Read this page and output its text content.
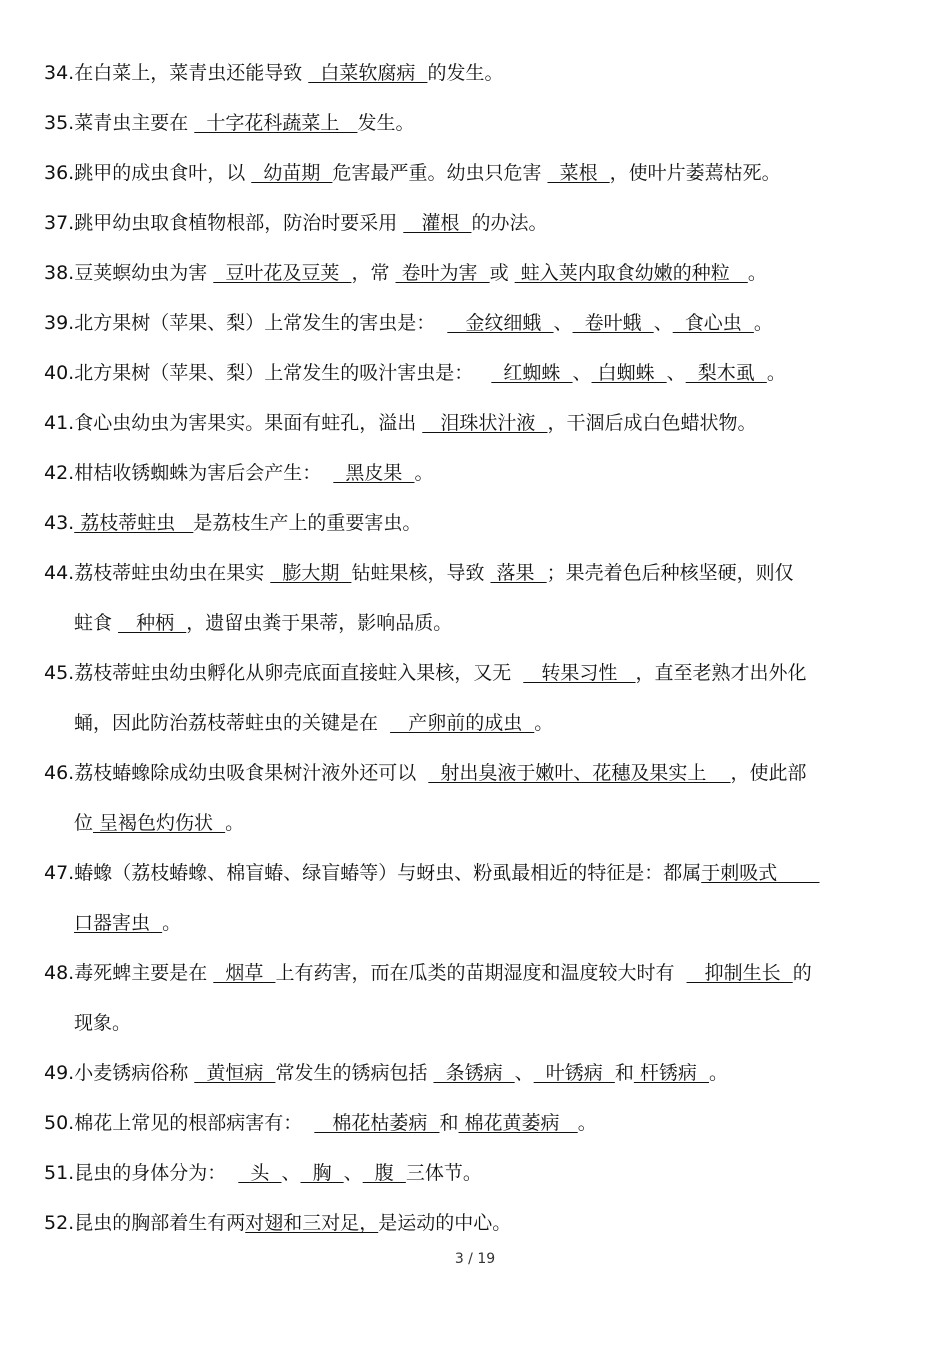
34.在白菜上，菜青虫还能导致   白菜软腐病  的发生。
35.菜青虫主要在   十字花科蔬菜上   发生。
36.跳甲的成虫食叶，以   幼苗期  危害最严重。幼虫只危害   菜根  ，使叶片萎蔫枯死。
37.跳甲幼虫取食植物根部，防治时要采用    灌根  的办法。
38.豆荚螟幼虫为害   豆叶花及豆荚  ，常  卷叶为害  或  蛀入荚内取食幼嫩的种粒   。
39.北方果树（苹果、梨）上常发生的害虫是：     金纹细蛾  、  卷叶蛾  、  食心虫  。
40.北方果树（苹果、梨）上常发生的吸汁害虫是：     红蜘蛛  、 白蜘蛛  、  梨木虱  。
41.食心虫幼虫为害果实。果面有蛀孔，溢出    泪珠状汁液  ，干涸后成白色蜡状物。
42.柑桔收锈蜘蛛为害后会产生：    黑皮果  。
43. 荔枝蒂蛀虫   是荔枝生产上的重要害虫。
44.荔枝蒂蛀虫幼虫在果实   膨大期  钻蛀果核，导致  落果  ；果壳着色后种核坚硬，则仅
蛀食    种柄  ，遗留虫粪于果蒂，影响品质。
45.荔枝蒂蛀虫幼虫孵化从卵壳底面直接蛀入果核，又无     转果习性   ，直至老熟才出外化
蛹，因此防治荔枝蒂蛀虫的关键是在     产卵前的成虫  。
46.荔枝蝽蟓除成幼虫吸食果树汁液外还可以    射出臭液于嫩叶、花穗及果实上    ，使此部
位 呈褐色灼伤状  。
47.蝽蟓（荔枝蝽蟓、棉盲蝽、绿盲蝽等）与蚜虫、粉虱最相近的特征是：都属于刺吸式
口器害虫  。
48.毒死蜱主要是在   烟草  上有药害，而在瓜类的苗期湿度和温度较大时有     抑制生长  的
现象。
49.小麦锈病俗称   黄恒病  常发生的锈病包括   条锈病  、  叶锈病  和 杆锈病  。
50.棉花上常见的根部病害有：     棉花枯萎病  和 棉花黄萎病   。
51.昆虫的身体分为：    头  、  胸  、  腹  三体节。
52.昆虫的胸部着生有两对翅和三对足，是运动的中心。
3 / 19
